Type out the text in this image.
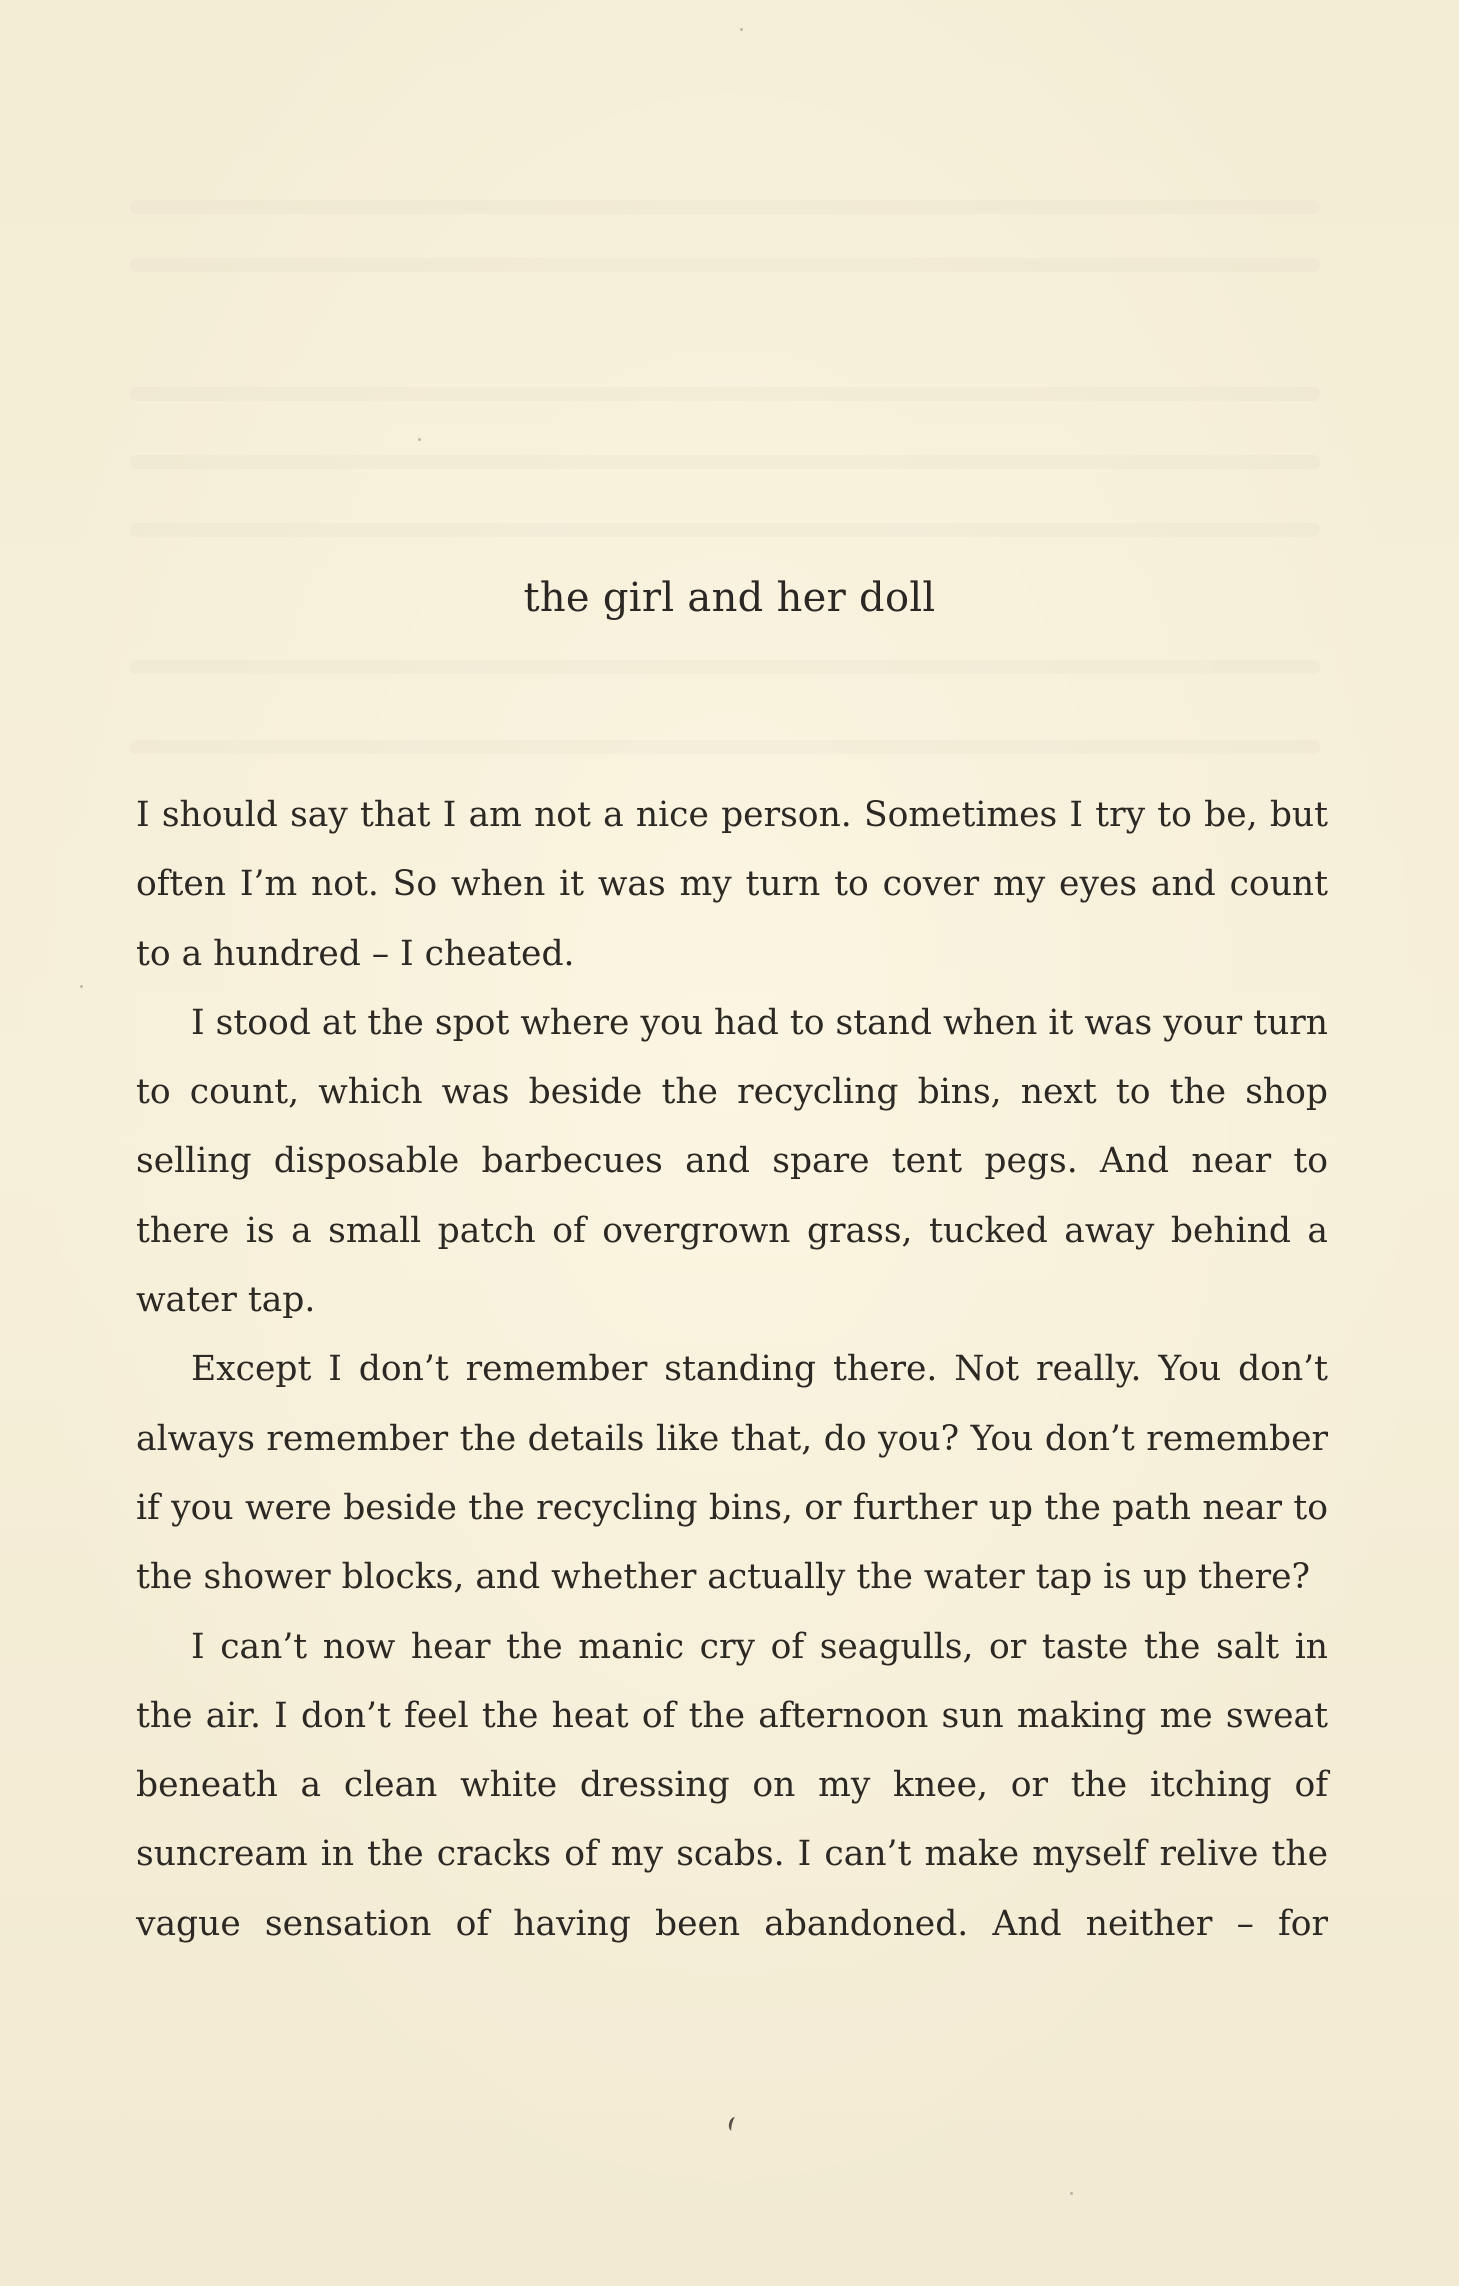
the girl and her doll

I should say that I am not a nice person. Sometimes I try to be, but often I’m not. So when it was my turn to cover my eyes and count to a hundred – I cheated.

I stood at the spot where you had to stand when it was your turn to count, which was beside the recycling bins, next to the shop selling disposable barbecues and spare tent pegs. And near to there is a small patch of overgrown grass, tucked away behind a water tap.

Except I don’t remember standing there. Not really. You don’t always remember the details like that, do you? You don’t remember if you were beside the recycling bins, or further up the path near to the shower blocks, and whether actually the water tap is up there?

I can’t now hear the manic cry of seagulls, or taste the salt in the air. I don’t feel the heat of the afternoon sun making me sweat beneath a clean white dressing on my knee, or the itching of suncream in the cracks of my scabs. I can’t make myself relive the vague sensation of having been abandoned. And neither – for
